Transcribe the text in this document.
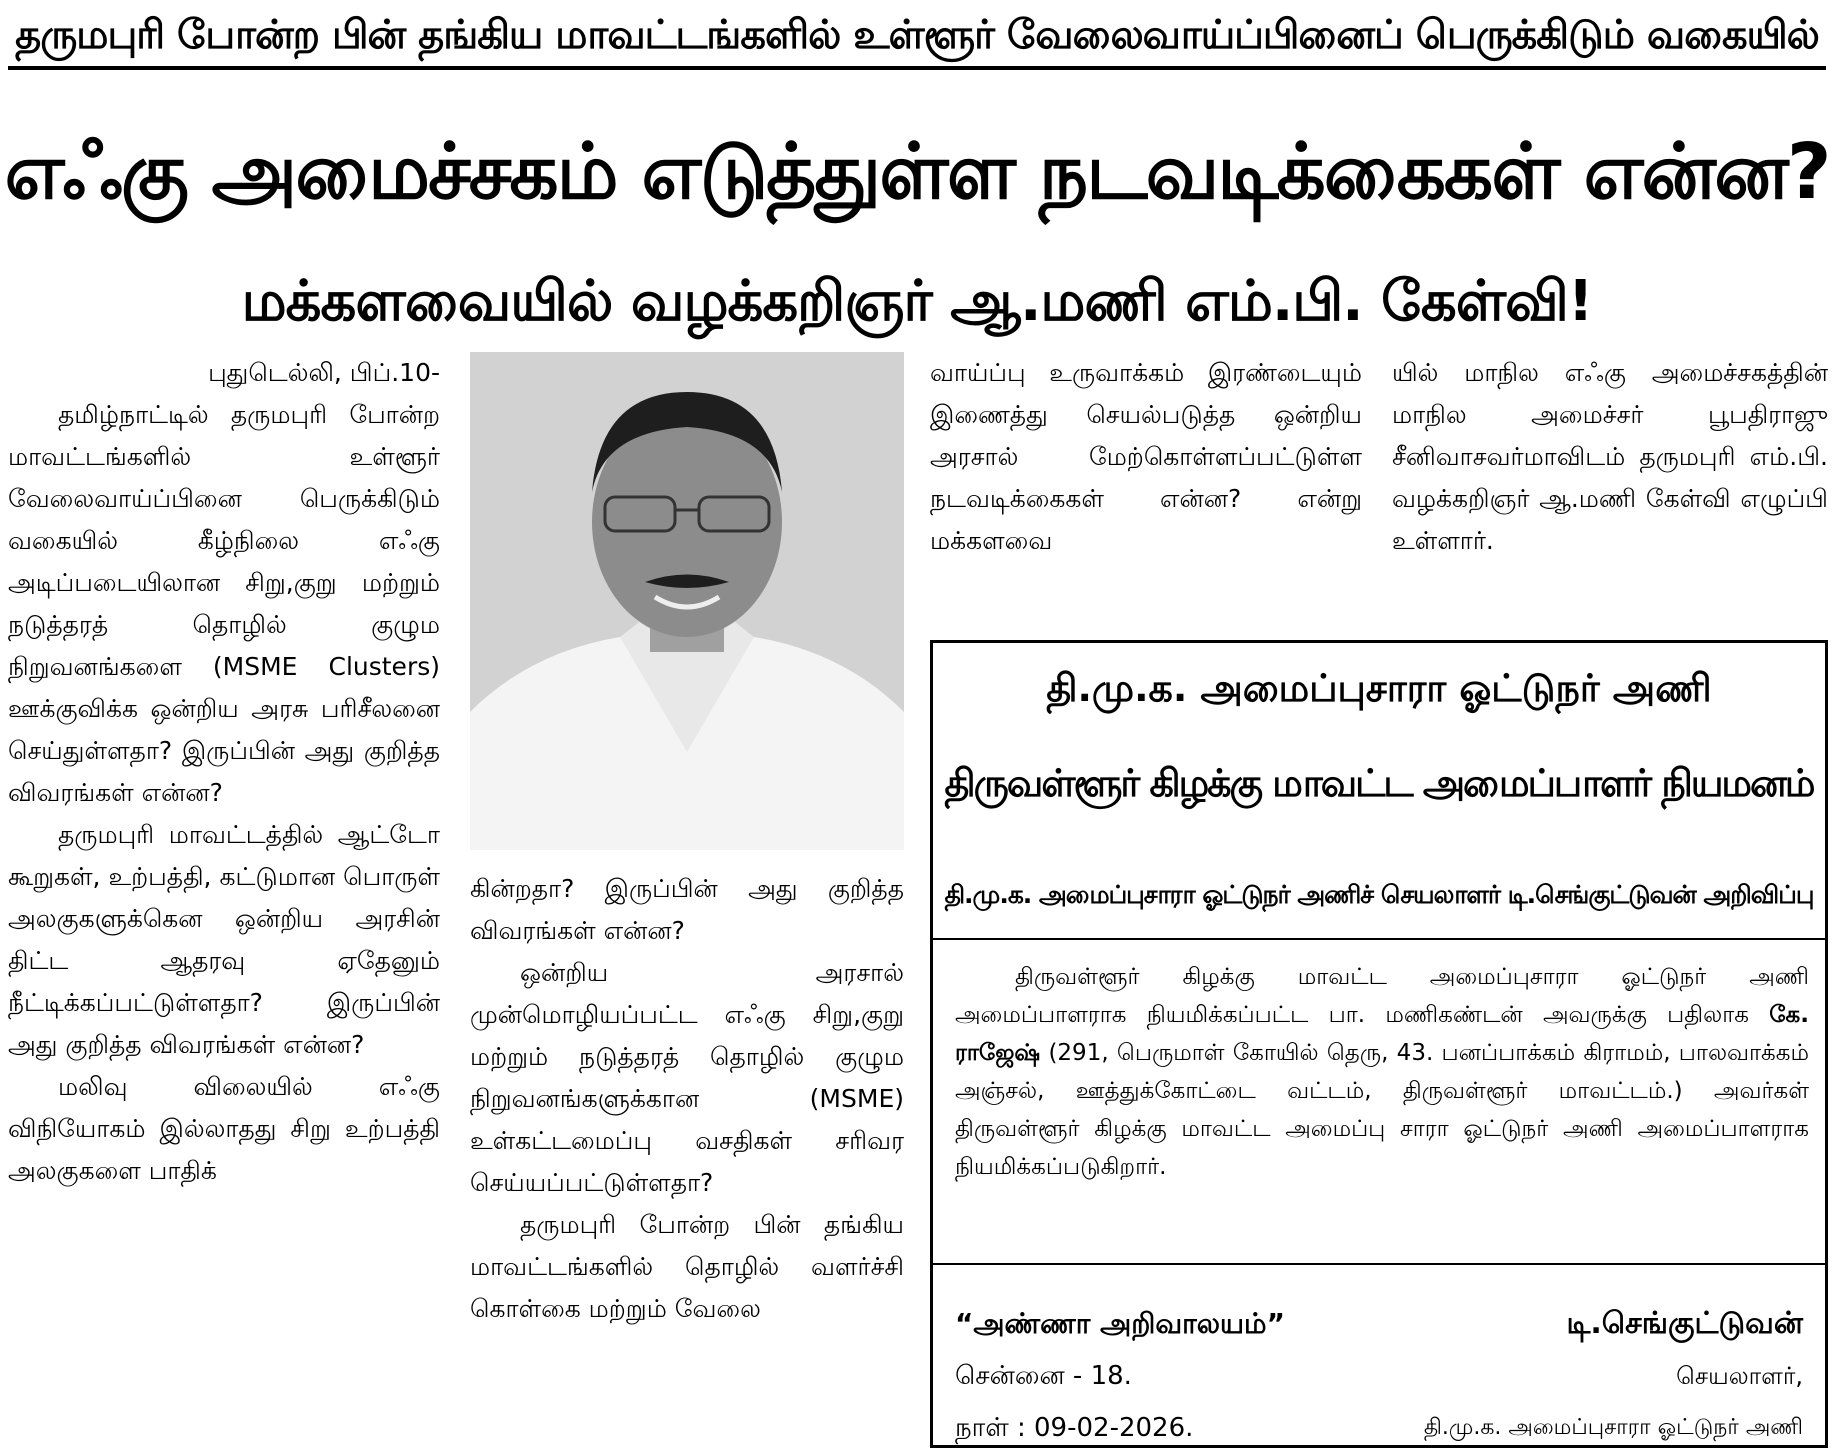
தருமபுரி போன்ற பின் தங்கிய மாவட்டங்களில் உள்ளூர் வேலைவாய்ப்பினைப் பெருக்கிடும் வகையில்
எஃகு அமைச்சகம் எடுத்துள்ள நடவடிக்கைகள் என்ன?
மக்களவையில் வழக்கறிஞர் ஆ.மணி எம்.பி. கேள்வி!

புதுடெல்லி, பிப்.10-

தமிழ்நாட்டில் தருமபுரி போன்ற மாவட்டங்களில் உள்ளூர் வேலைவாய்ப்பினை பெருக்கிடும் வகையில் கீழ்நிலை எஃகு அடிப்படையிலான சிறு,குறு மற்றும் நடுத்தரத் தொழில் குழும நிறுவனங்களை (MSME Clusters) ஊக்குவிக்க ஒன்றிய அரசு பரிசீலனை செய்துள்ளதா? இருப்பின் அது குறித்த விவரங்கள் என்ன?

தருமபுரி மாவட்டத்தில் ஆட்டோ கூறுகள், உற்பத்தி, கட்டுமான பொருள் அலகுகளுக்கென ஒன்றிய அரசின் திட்ட ஆதரவு ஏதேனும் நீட்டிக்கப்பட்டுள்ளதா? இருப்பின் அது குறித்த விவரங்கள் என்ன?

மலிவு விலையில் எஃகு விநியோகம் இல்லாதது சிறு உற்பத்தி அலகுகளை பாதிக்

கின்றதா? இருப்பின் அது குறித்த விவரங்கள் என்ன?

ஒன்றிய அரசால் முன்மொழியப்பட்ட எஃகு சிறு,குறு மற்றும் நடுத்தரத் தொழில் குழும நிறுவனங்களுக்கான (MSME) உள்கட்டமைப்பு வசதிகள் சரிவர செய்யப்பட்டுள்ளதா?

தருமபுரி போன்ற பின் தங்கிய மாவட்டங்களில் தொழில் வளர்ச்சி கொள்கை மற்றும் வேலை

வாய்ப்பு உருவாக்கம் இரண்டையும் இணைத்து செயல்படுத்த ஒன்றிய அரசால் மேற்கொள்ளப்பட்டுள்ள நடவடிக்கைகள் என்ன? என்று மக்களவை

யில் மாநில எஃகு அமைச்சகத்தின் மாநில அமைச்சர் பூபதிராஜு சீனிவாசவர்மாவிடம் தருமபுரி எம்.பி. வழக்கறிஞர் ஆ.மணி கேள்வி எழுப்பி உள்ளார்.

தி.மு.க. அமைப்புசாரா ஓட்டுநர் அணி
திருவள்ளூர் கிழக்கு மாவட்ட அமைப்பாளர் நியமனம்
தி.மு.க. அமைப்புசாரா ஓட்டுநர் அணிச் செயலாளர் டி.செங்குட்டுவன் அறிவிப்பு

திருவள்ளூர் கிழக்கு மாவட்ட அமைப்புசாரா ஓட்டுநர் அணி அமைப்பாளராக நியமிக்கப்பட்ட பா. மணிகண்டன் அவருக்கு பதிலாக கே. ராஜேஷ் (291, பெருமாள் கோயில் தெரு, 43. பனப்பாக்கம் கிராமம், பாலவாக்கம் அஞ்சல், ஊத்துக்கோட்டை வட்டம், திருவள்ளூர் மாவட்டம்.) அவர்கள் திருவள்ளூர் கிழக்கு மாவட்ட அமைப்பு சாரா ஓட்டுநர் அணி அமைப்பாளராக நியமிக்கப்படுகிறார்.

“அண்ணா அறிவாலயம்”
சென்னை - 18.
நாள் : 09-02-2026.
டி.செங்குட்டுவன்
செயலாளர்,
தி.மு.க. அமைப்புசாரா ஓட்டுநர் அணி
